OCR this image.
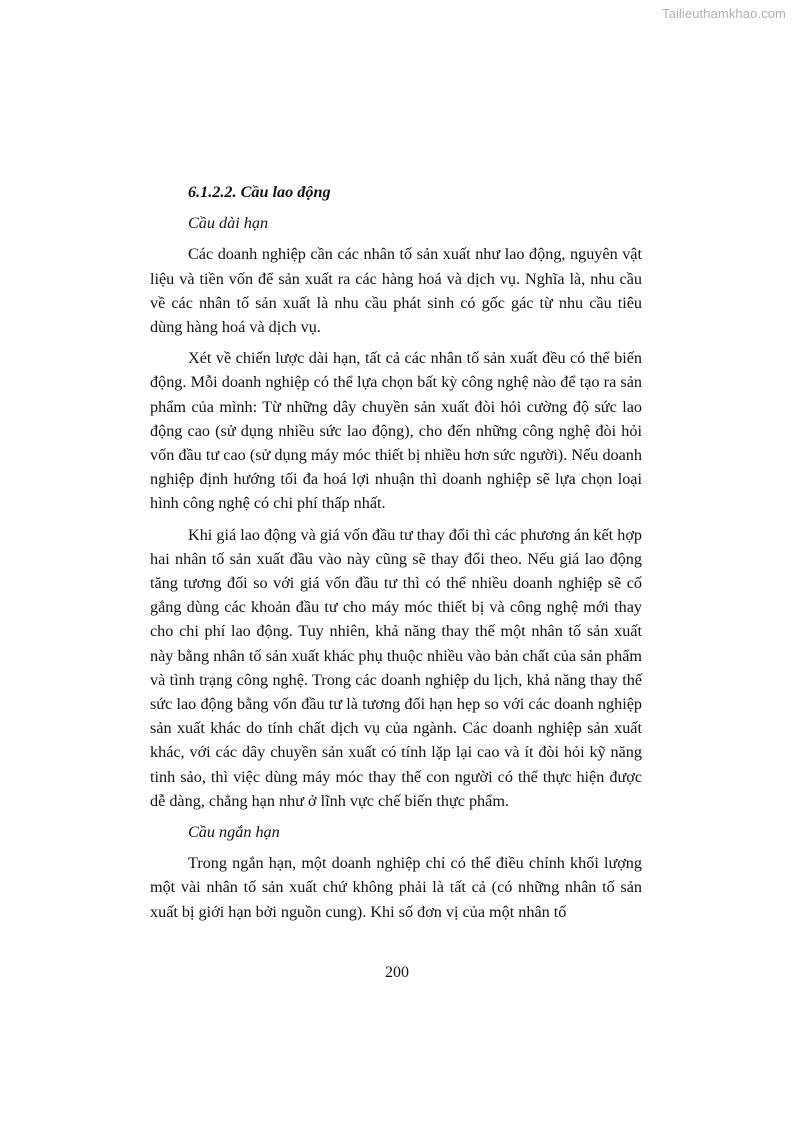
Tailieuthamkhao.com
6.1.2.2. Cầu lao động
Cầu dài hạn

Các doanh nghiệp cần các nhân tố sản xuất như lao động, nguyên vật liệu và tiền vốn để sản xuất ra các hàng hoá và dịch vụ. Nghĩa là, nhu cầu về các nhân tố sản xuất là nhu cầu phát sinh có gốc gác từ nhu cầu tiêu dùng hàng hoá và dịch vụ.

Xét về chiến lược dài hạn, tất cả các nhân tố sản xuất đều có thể biến động. Mỗi doanh nghiệp có thể lựa chọn bất kỳ công nghệ nào để tạo ra sản phẩm của mình: Từ những dây chuyền sản xuất đòi hỏi cường độ sức lao động cao (sử dụng nhiều sức lao động), cho đến những công nghệ đòi hỏi vốn đầu tư cao (sử dụng máy móc thiết bị nhiều hơn sức người). Nếu doanh nghiệp định hướng tối đa hoá lợi nhuận thì doanh nghiệp sẽ lựa chọn loại hình công nghệ có chi phí thấp nhất.

Khi giá lao động và giá vốn đầu tư thay đổi thì các phương án kết hợp hai nhân tố sản xuất đầu vào này cũng sẽ thay đổi theo. Nếu giá lao động tăng tương đối so với giá vốn đầu tư thì có thể nhiều doanh nghiệp sẽ cố gắng dùng các khoản đầu tư cho máy móc thiết bị và công nghệ mới thay cho chi phí lao động. Tuy nhiên, khả năng thay thế một nhân tố sản xuất này bằng nhân tố sản xuất khác phụ thuộc nhiều vào bản chất của sản phẩm và tình trạng công nghệ. Trong các doanh nghiệp du lịch, khả năng thay thế sức lao động bằng vốn đầu tư là tương đối hạn hẹp so với các doanh nghiệp sản xuất khác do tính chất dịch vụ của ngành. Các doanh nghiệp sản xuất khác, với các dây chuyền sản xuất có tính lặp lại cao và ít đòi hỏi kỹ năng tinh sảo, thì việc dùng máy móc thay thế con người có thể thực hiện được dễ dàng, chẳng hạn như ở lĩnh vực chế biến thực phẩm.

Cầu ngắn hạn

Trong ngắn hạn, một doanh nghiệp chỉ có thể điều chỉnh khối lượng một vài nhân tố sản xuất chứ không phải là tất cả (có những nhân tố sản xuất bị giới hạn bởi nguồn cung). Khi số đơn vị của một nhân tố

200
